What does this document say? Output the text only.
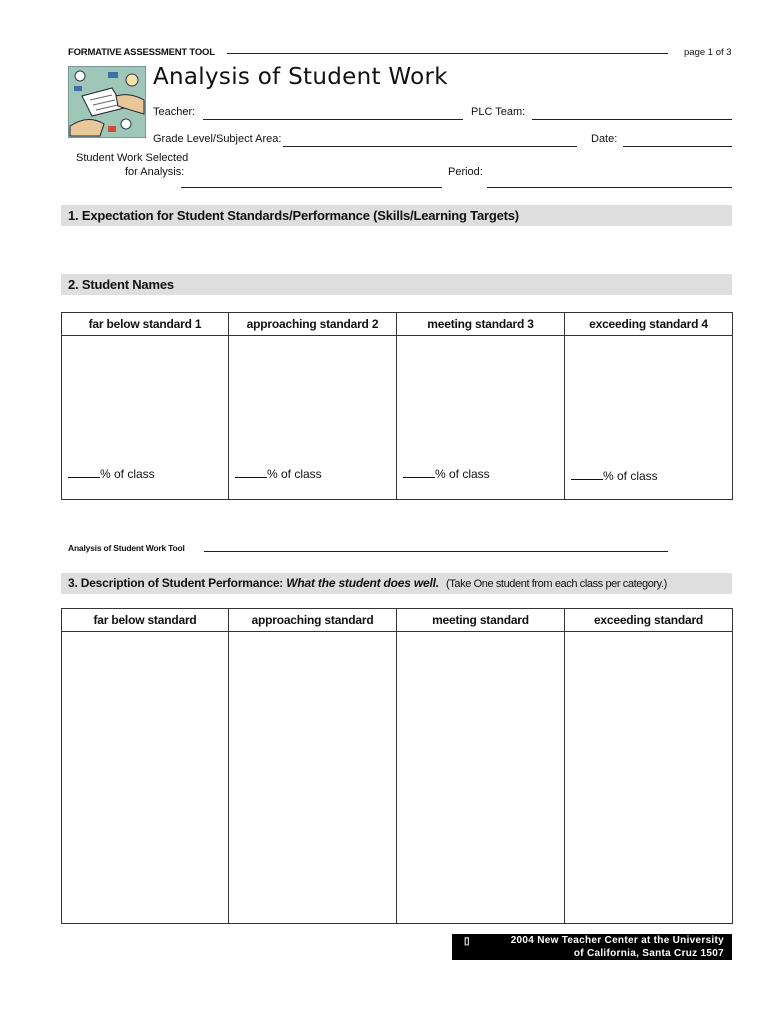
FORMATIVE ASSESSMENT TOOL	page 1 of 3
Analysis of Student Work
Teacher:	PLC Team:
Grade Level/Subject Area:	Date:
Student Work Selected
for Analysis:	Period:
1. Expectation for Student Standards/Performance (Skills/Learning Targets)
2. Student Names
far below standard 1	approaching standard 2	meeting standard 3	exceeding standard 4

% of class	% of class	% of class	% of class
Analysis of Student Work Tool
3. Description of Student Performance: What the student does well. (Take One student from each class per category.)
far below standard	approaching standard	meeting standard	exceeding standard

▯	2004 New Teacher Center at the University
of California, Santa Cruz 1507
